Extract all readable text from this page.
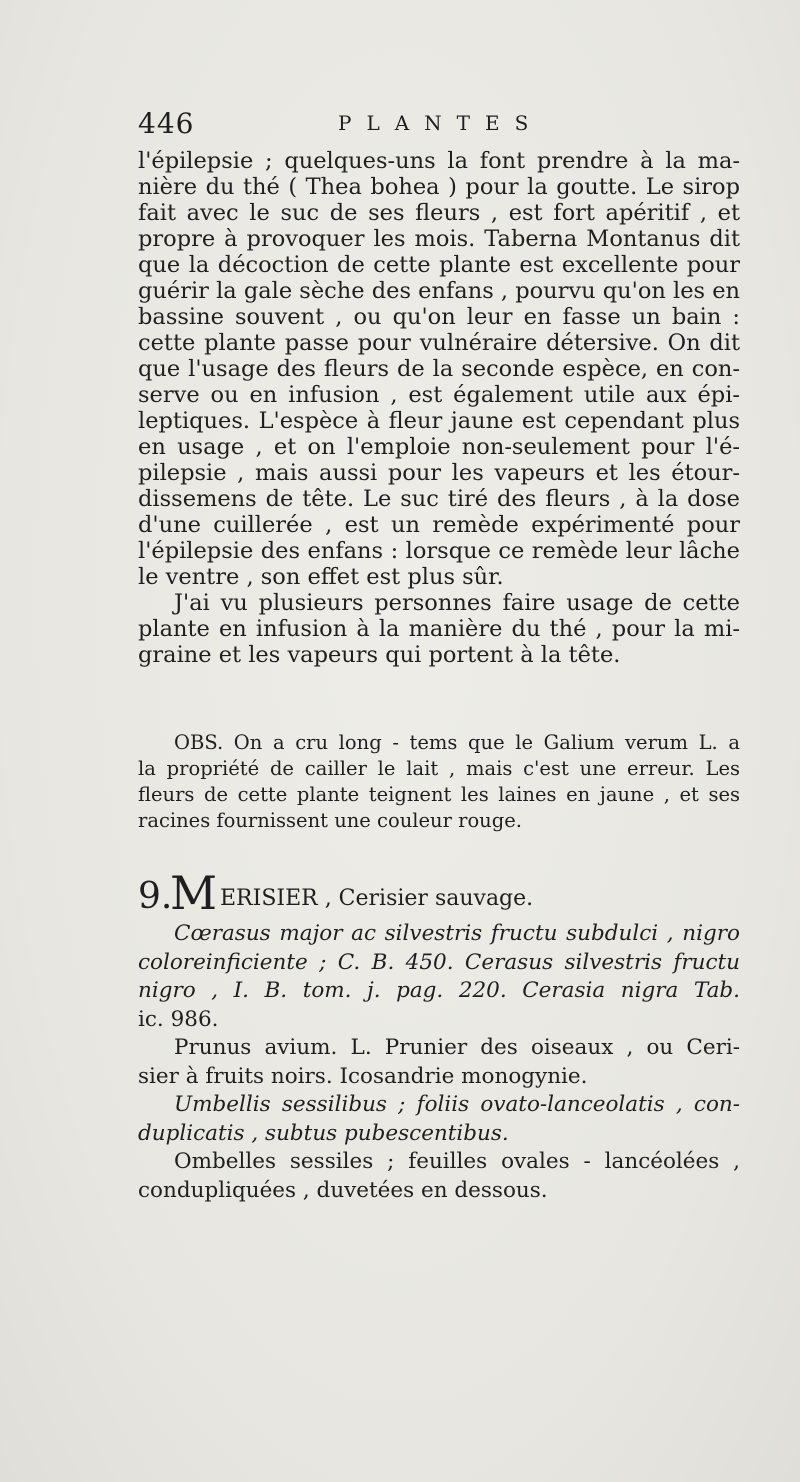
446	PLANTES
l'épilepsie ; quelques-uns la font prendre à la ma-
nière du thé ( Thea bohea ) pour la goutte. Le sirop
fait avec le suc de ses fleurs , est fort apéritif , et
propre à provoquer les mois. Taberna Montanus dit
que la décoction de cette plante est excellente pour
guérir la gale sèche des enfans , pourvu qu'on les en
bassine souvent , ou qu'on leur en fasse un bain :
cette plante passe pour vulnéraire détersive. On dit
que l'usage des fleurs de la seconde espèce, en con-
serve ou en infusion , est également utile aux épi-
leptiques. L'espèce à fleur jaune est cependant plus
en usage , et on l'emploie non-seulement pour l'é-
pilepsie , mais aussi pour les vapeurs et les étour-
dissemens de tête. Le suc tiré des fleurs , à la dose
d'une cuillerée , est un remède expérimenté pour
l'épilepsie des enfans : lorsque ce remède leur lâche
le ventre , son effet est plus sûr.
J'ai vu plusieurs personnes faire usage de cette
plante en infusion à la manière du thé , pour la mi-
graine et les vapeurs qui portent à la tête.
OBS. On a cru long - tems que le Galium verum L. a
la propriété de cailler le lait , mais c'est une erreur. Les
fleurs de cette plante teignent les laines en jaune , et ses
racines fournissent une couleur rouge.
9.
M ERISIER , Cerisier sauvage.
Cœrasus major ac silvestris fructu subdulci , nigro
coloreinficiente ; C. B. 450. Cerasus silvestris fructu
nigro , I. B. tom. j. pag. 220. Cerasia nigra Tab.
ic. 986.
Prunus avium. L. Prunier des oiseaux , ou Ceri-
sier à fruits noirs. Icosandrie monogynie.
Umbellis sessilibus ; foliis ovato-lanceolatis , con-
duplicatis , subtus pubescentibus.
Ombelles sessiles ; feuilles ovales - lancéolées ,
condupliquées , duvetées en dessous.
